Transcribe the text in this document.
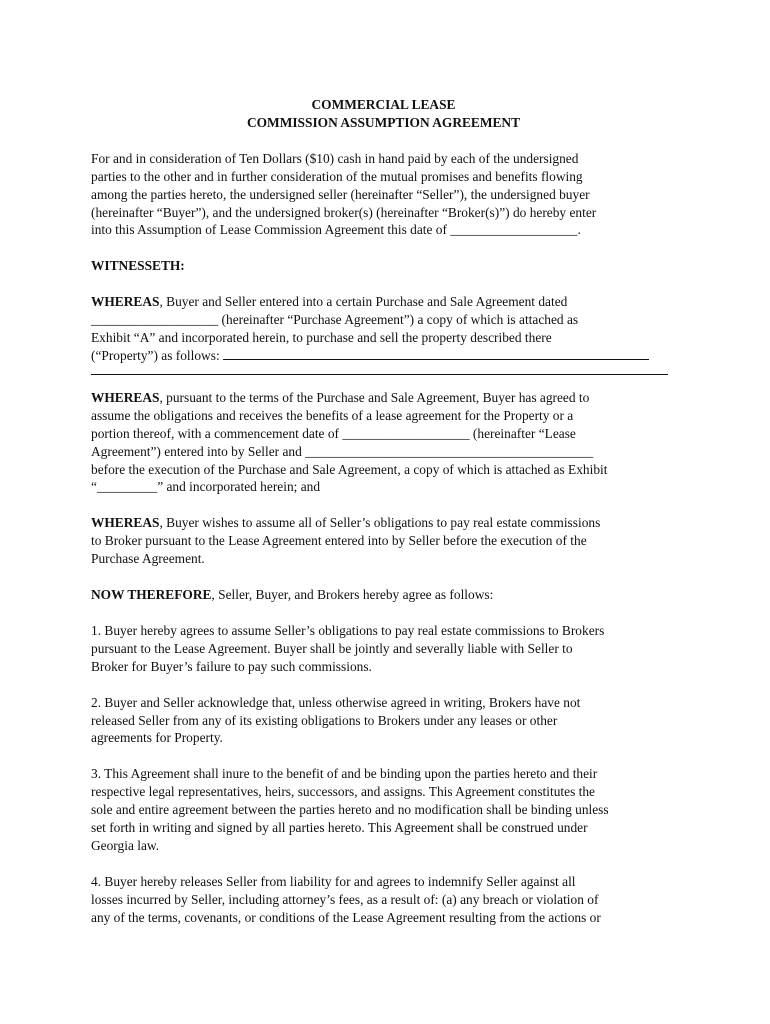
COMMERCIAL LEASE
COMMISSION ASSUMPTION AGREEMENT

For and in consideration of Ten Dollars ($10) cash in hand paid by each of the undersigned
parties to the other and in further consideration of the mutual promises and benefits flowing
among the parties hereto, the undersigned seller (hereinafter “Seller”), the undersigned buyer
(hereinafter “Buyer”), and the undersigned broker(s) (hereinafter “Broker(s)”) do hereby enter
into this Assumption of Lease Commission Agreement this date of ___________________.

WITNESSETH:

WHEREAS, Buyer and Seller entered into a certain Purchase and Sale Agreement dated
___________________ (hereinafter “Purchase Agreement”) a copy of which is attached as
Exhibit “A” and incorporated herein, to purchase and sell the property described there
(“Property”) as follows:

WHEREAS, pursuant to the terms of the Purchase and Sale Agreement, Buyer has agreed to
assume the obligations and receives the benefits of a lease agreement for the Property or a
portion thereof, with a commencement date of ___________________ (hereinafter “Lease
Agreement”) entered into by Seller and ___________________________________________
before the execution of the Purchase and Sale Agreement, a copy of which is attached as Exhibit
“_________” and incorporated herein; and

WHEREAS, Buyer wishes to assume all of Seller’s obligations to pay real estate commissions
to Broker pursuant to the Lease Agreement entered into by Seller before the execution of the
Purchase Agreement.

NOW THEREFORE, Seller, Buyer, and Brokers hereby agree as follows:

1. Buyer hereby agrees to assume Seller’s obligations to pay real estate commissions to Brokers
pursuant to the Lease Agreement. Buyer shall be jointly and severally liable with Seller to
Broker for Buyer’s failure to pay such commissions.

2. Buyer and Seller acknowledge that, unless otherwise agreed in writing, Brokers have not
released Seller from any of its existing obligations to Brokers under any leases or other
agreements for Property.

3. This Agreement shall inure to the benefit of and be binding upon the parties hereto and their
respective legal representatives, heirs, successors, and assigns. This Agreement constitutes the
sole and entire agreement between the parties hereto and no modification shall be binding unless
set forth in writing and signed by all parties hereto. This Agreement shall be construed under
Georgia law.

4. Buyer hereby releases Seller from liability for and agrees to indemnify Seller against all
losses incurred by Seller, including attorney’s fees, as a result of: (a) any breach or violation of
any of the terms, covenants, or conditions of the Lease Agreement resulting from the actions or
